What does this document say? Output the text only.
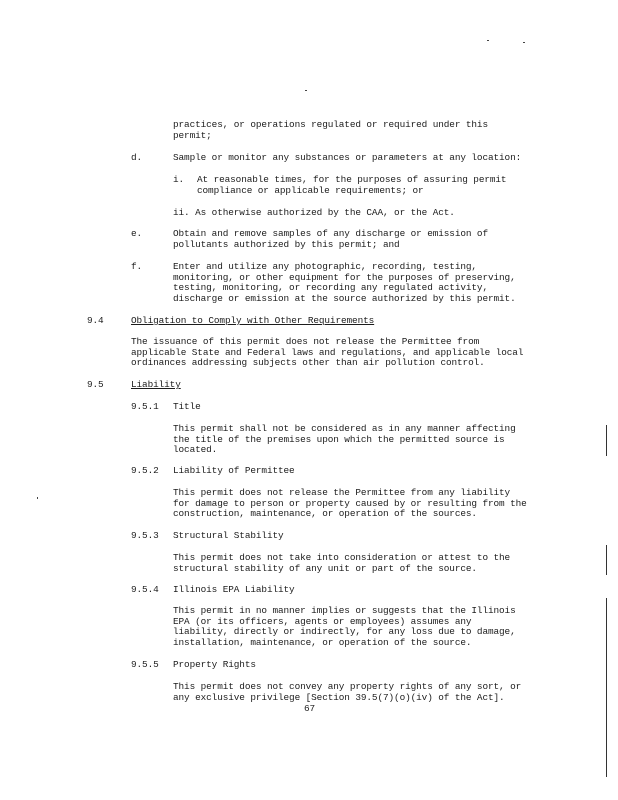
practices, or operations regulated or required under this
permit;
d.	Sample or monitor any substances or parameters at any location:
i. At reasonable times, for the purposes of assuring permit
compliance or applicable requirements; or
ii. As otherwise authorized by the CAA, or the Act.
e.	Obtain and remove samples of any discharge or emission of
pollutants authorized by this permit; and
f.	Enter and utilize any photographic, recording, testing,
monitoring, or other equipment for the purposes of preserving,
testing, monitoring, or recording any regulated activity,
discharge or emission at the source authorized by this permit.
9.4	Obligation to Comply with Other Requirements
The issuance of this permit does not release the Permittee from
applicable State and Federal laws and regulations, and applicable local
ordinances addressing subjects other than air pollution control.
9.5	Liability
9.5.1 Title
This permit shall not be considered as in any manner affecting
the title of the premises upon which the permitted source is
located.
9.5.2 Liability of Permittee
This permit does not release the Permittee from any liability
for damage to person or property caused by or resulting from the
construction, maintenance, or operation of the sources.
9.5.3 Structural Stability
This permit does not take into consideration or attest to the
structural stability of any unit or part of the source.
9.5.4 Illinois EPA Liability
This permit in no manner implies or suggests that the Illinois
EPA (or its officers, agents or employees) assumes any
liability, directly or indirectly, for any loss due to damage,
installation, maintenance, or operation of the source.
9.5.5 Property Rights
This permit does not convey any property rights of any sort, or
any exclusive privilege [Section 39.5(7)(o)(iv) of the Act].
67
